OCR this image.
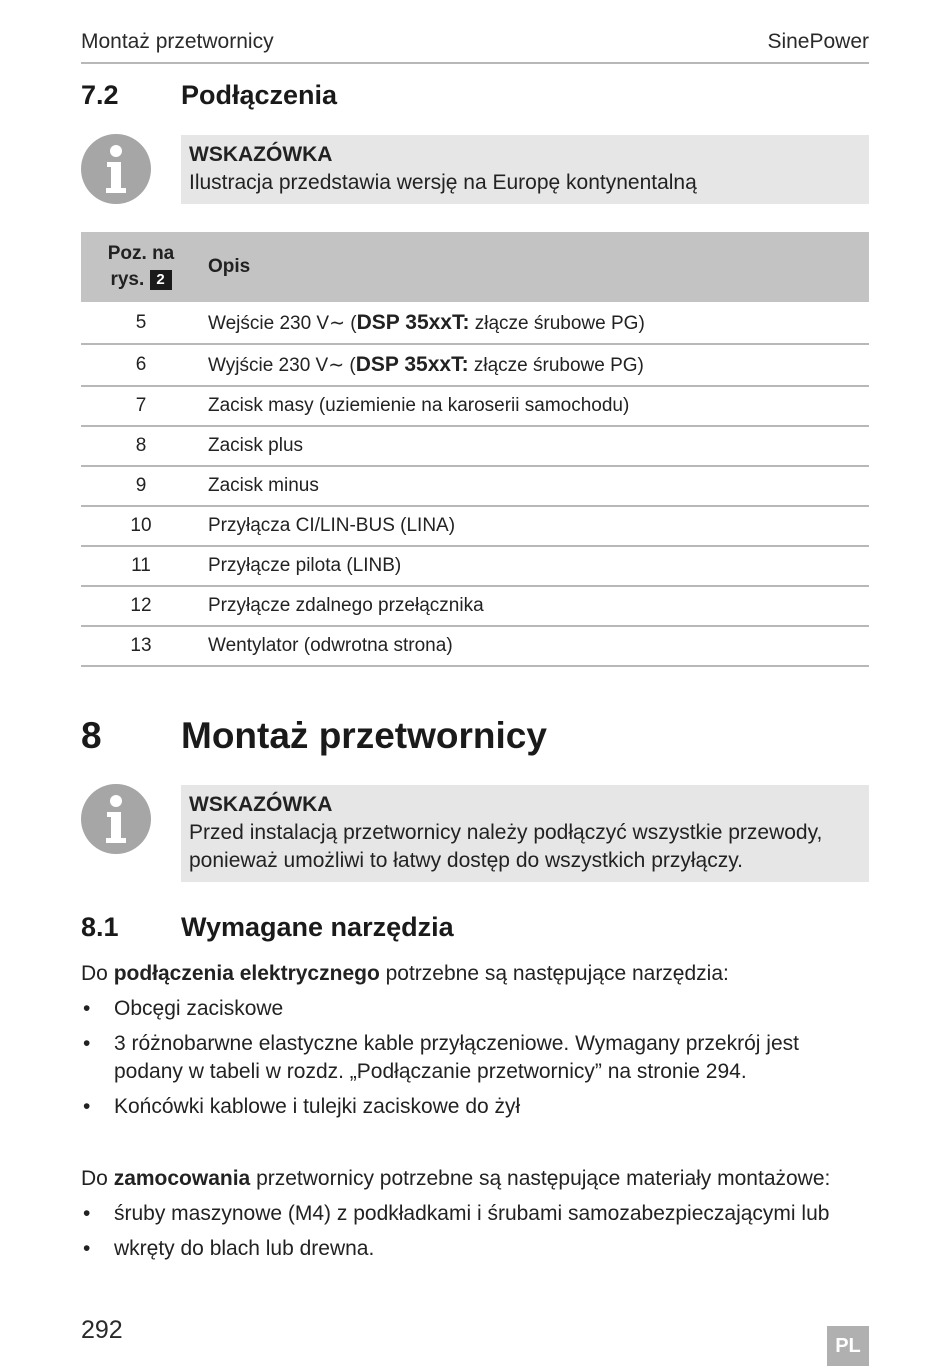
Montaż przetwornicy	SinePower
7.2	Podłączenia
WSKAZÓWKA
Ilustracja przedstawia wersję na Europę kontynentalną
Poz. na
rys. 2	Opis
5	Wejście 230 V∼ (DSP 35xxT: złącze śrubowe PG)
6	Wyjście 230 V∼ (DSP 35xxT: złącze śrubowe PG)
7	Zacisk masy (uziemienie na karoserii samochodu)
8	Zacisk plus
9	Zacisk minus
10	Przyłącza CI/LIN-BUS (LINA)
11	Przyłącze pilota (LINB)
12	Przyłącze zdalnego przełącznika
13	Wentylator (odwrotna strona)
8	Montaż przetwornicy
WSKAZÓWKA
Przed instalacją przetwornicy należy podłączyć wszystkie przewody,
ponieważ umożliwi to łatwy dostęp do wszystkich przyłączy.
8.1	Wymagane narzędzia
Do podłączenia elektrycznego potrzebne są następujące narzędzia:
• Obcęgi zaciskowe
• 3 różnobarwne elastyczne kable przyłączeniowe. Wymagany przekrój jest
podany w tabeli w rozdz. „Podłączanie przetwornicy” na stronie 294.
• Końcówki kablowe i tulejki zaciskowe do żył
Do zamocowania przetwornicy potrzebne są następujące materiały montażowe:
• śruby maszynowe (M4) z podkładkami i śrubami samozabezpieczającymi lub
• wkręty do blach lub drewna.
292
PL
